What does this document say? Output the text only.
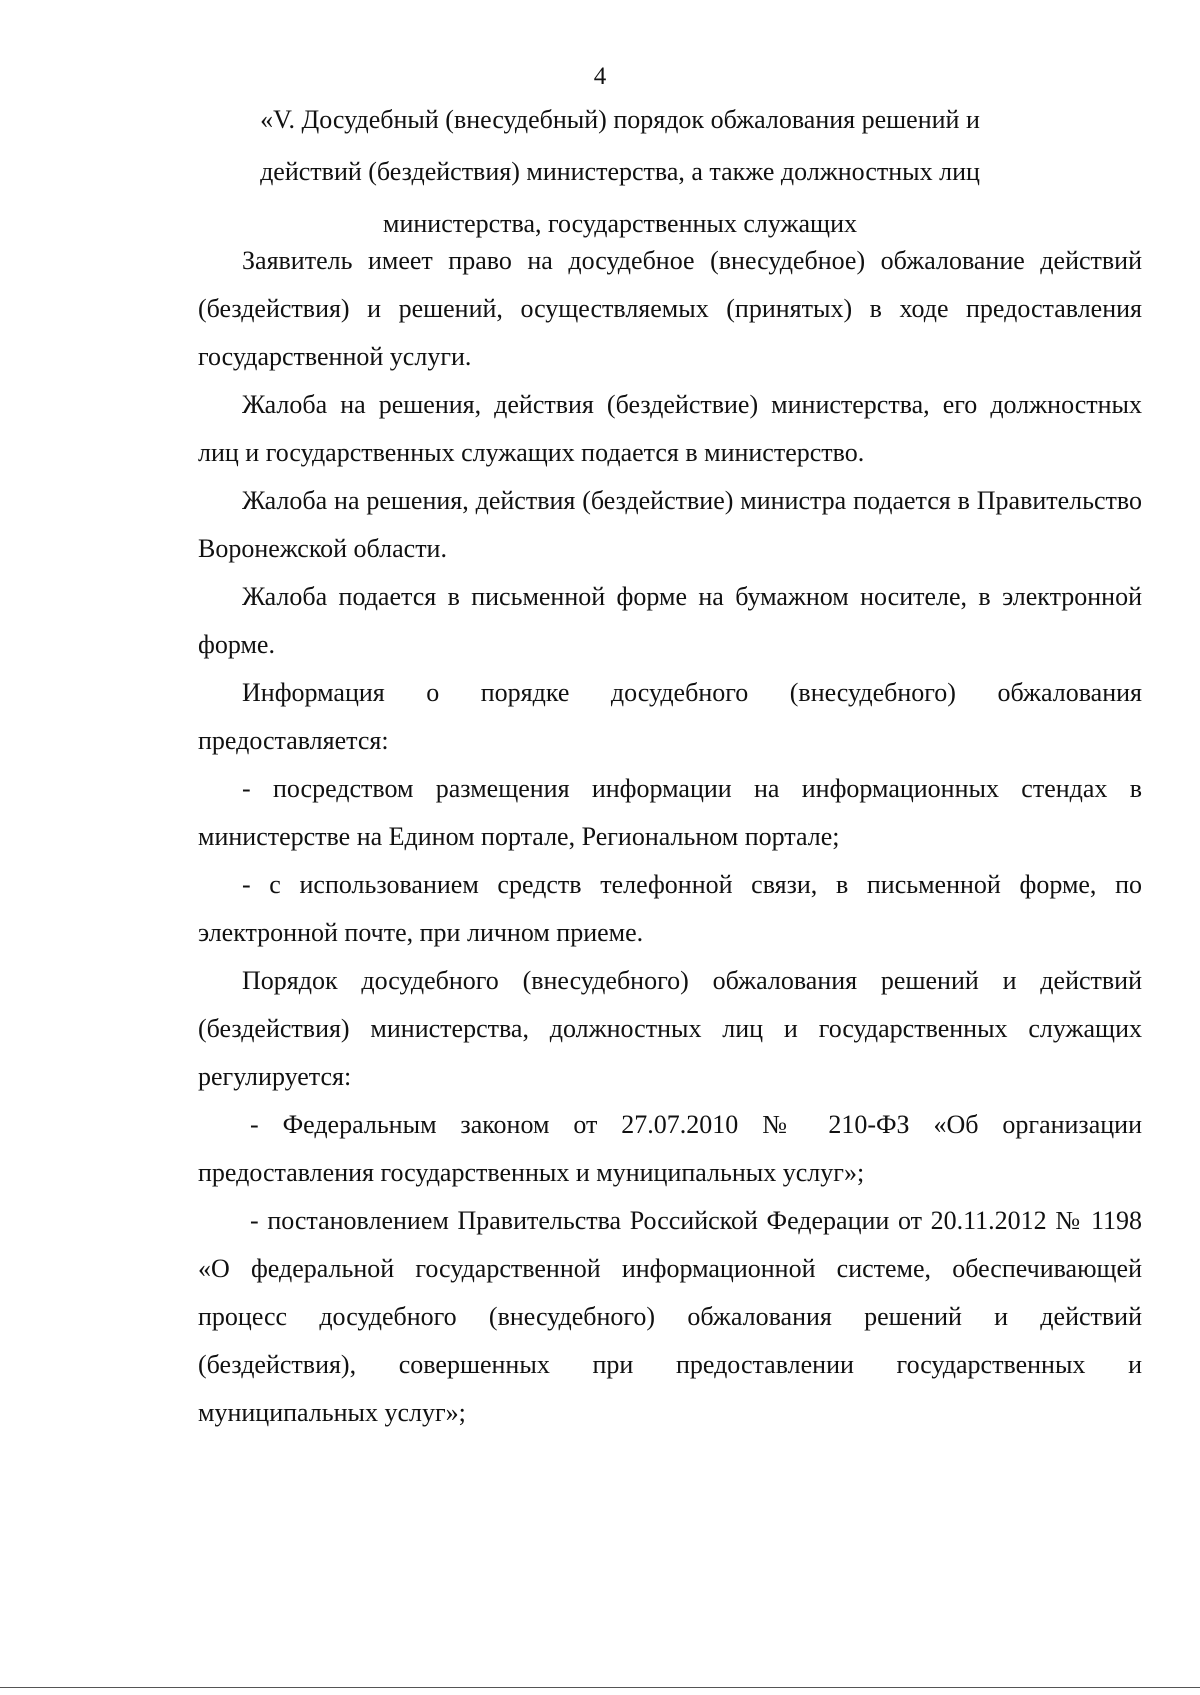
4
«V. Досудебный (внесудебный) порядок обжалования решений и действий (бездействия) министерства, а также должностных лиц министерства, государственных служащих

Заявитель имеет право на досудебное (внесудебное) обжалование действий (бездействия) и решений, осуществляемых (принятых) в ходе предоставления государственной услуги.

Жалоба на решения, действия (бездействие) министерства, его должностных лиц и государственных служащих подается в министерство.

Жалоба на решения, действия (бездействие) министра подается в Правительство Воронежской области.

Жалоба подается в письменной форме на бумажном носителе, в электронной форме.

Информация о порядке досудебного (внесудебного) обжалования предоставляется:

- посредством размещения информации на информационных стендах в министерстве на Едином портале, Региональном портале;

- с использованием средств телефонной связи, в письменной форме, по электронной почте, при личном приеме.

Порядок досудебного (внесудебного) обжалования решений и действий (бездействия) министерства, должностных лиц и государственных служащих регулируется:

- Федеральным законом от 27.07.2010 № 210-ФЗ «Об организации предоставления государственных и муниципальных услуг»;

- постановлением Правительства Российской Федерации от 20.11.2012 № 1198 «О федеральной государственной информационной системе, обеспечивающей процесс досудебного (внесудебного) обжалования решений и действий (бездействия), совершенных при предоставлении государственных и муниципальных услуг»;
